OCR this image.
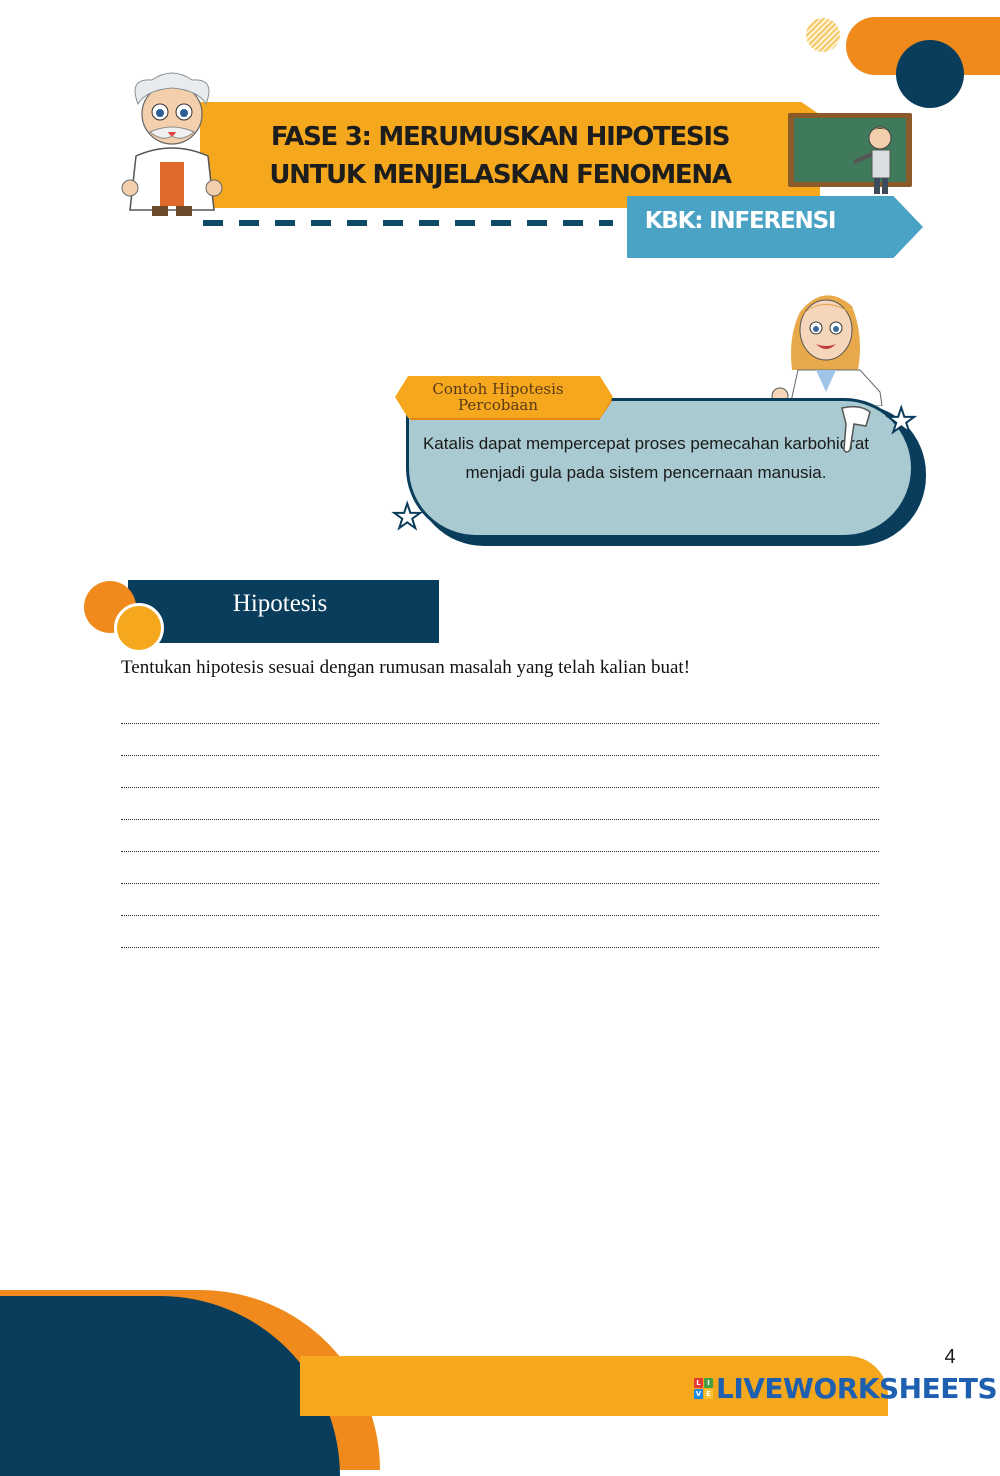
FASE 3: MERUMUSKAN HIPOTESIS UNTUK MENJELASKAN FENOMENA
KBK: INFERENSI
Contoh Hipotesis Percobaan
Katalis dapat mempercepat proses pemecahan karbohidrat menjadi gula pada sistem pencernaan manusia.
★
★
Hipotesis
Tentukan hipotesis sesuai dengan rumusan masalah yang telah kalian buat!
4
L I
V E LIVEWORKSHEETS
